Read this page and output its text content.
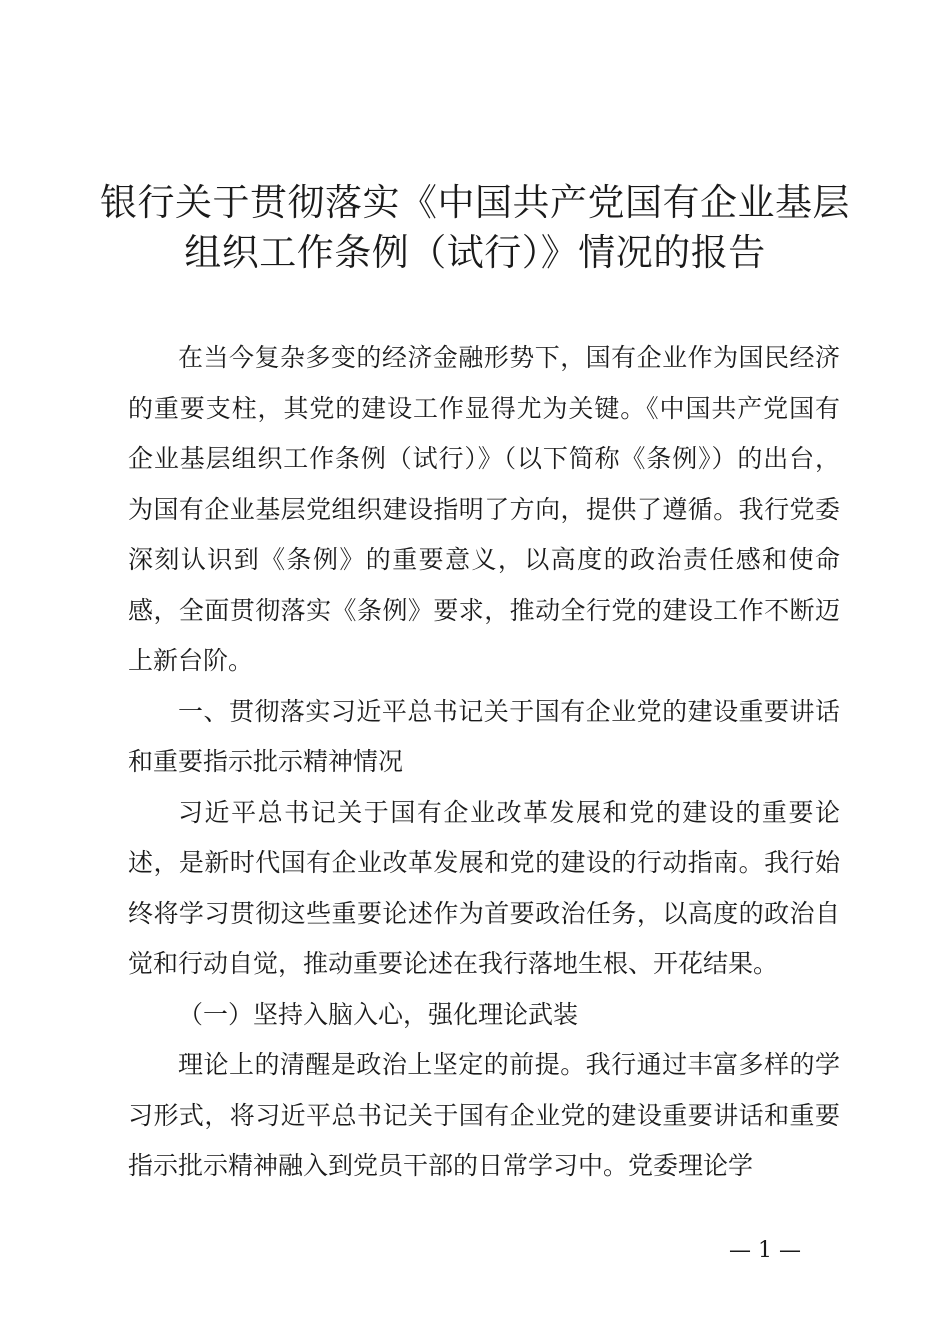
银行关于贯彻落实《中国共产党国有企业基层
组织工作条例（试行）》情况的报告

在当今复杂多变的经济金融形势下，国有企业作为国民经济的重要支柱，其党的建设工作显得尤为关键。《中国共产党国有企业基层组织工作条例（试行）》（以下简称《条例》）的出台，为国有企业基层党组织建设指明了方向，提供了遵循。我行党委深刻认识到《条例》的重要意义，以高度的政治责任感和使命感，全面贯彻落实《条例》要求，推动全行党的建设工作不断迈上新台阶。

一、贯彻落实习近平总书记关于国有企业党的建设重要讲话和重要指示批示精神情况

习近平总书记关于国有企业改革发展和党的建设的重要论述，是新时代国有企业改革发展和党的建设的行动指南。我行始终将学习贯彻这些重要论述作为首要政治任务，以高度的政治自觉和行动自觉，推动重要论述在我行落地生根、开花结果。

（一）坚持入脑入心，强化理论武装

理论上的清醒是政治上坚定的前提。我行通过丰富多样的学习形式，将习近平总书记关于国有企业党的建设重要讲话和重要指示批示精神融入到党员干部的日常学习中。党委理论学

— 1 —
